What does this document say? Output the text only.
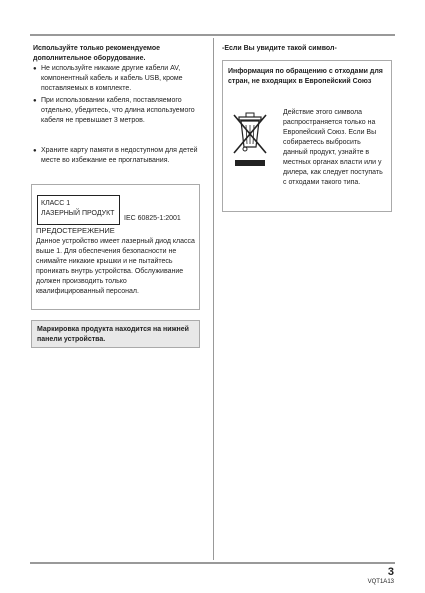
Используйте только рекомендуемое дополнительное оборудование.
● Не используйте никакие другие кабели AV, компонентный кабель и кабель USB, кроме поставляемых в комплекте.
● При использовании кабеля, поставляемого отдельно, убедитесь, что длина используемого кабеля не превышает 3 метров.
● Храните карту памяти в недоступном для детей месте во избежание ее проглатывания.
КЛАСС 1
ЛАЗЕРНЫЙ ПРОДУКТ
IEC 60825-1:2001
ПРЕДОСТЕРЕЖЕНИЕ
Данное устройство имеет лазерный диод класса выше 1. Для обеспечения безопасности не снимайте никакие крышки и не пытайтесь проникать внутрь устройства. Обслуживание должен производить только квалифицированный персонал.
Маркировка продукта находится на нижней панели устройства.
-Если Вы увидите такой символ-
Информация по обращению с отходами для стран, не входящих в Европейский Союз
Действие этого символа распространяется только на Европейский Союз. Если Вы собираетесь выбросить данный продукт, узнайте в местных органах власти или у дилера, как следует поступать с отходами такого типа.
3
VQT1A13
